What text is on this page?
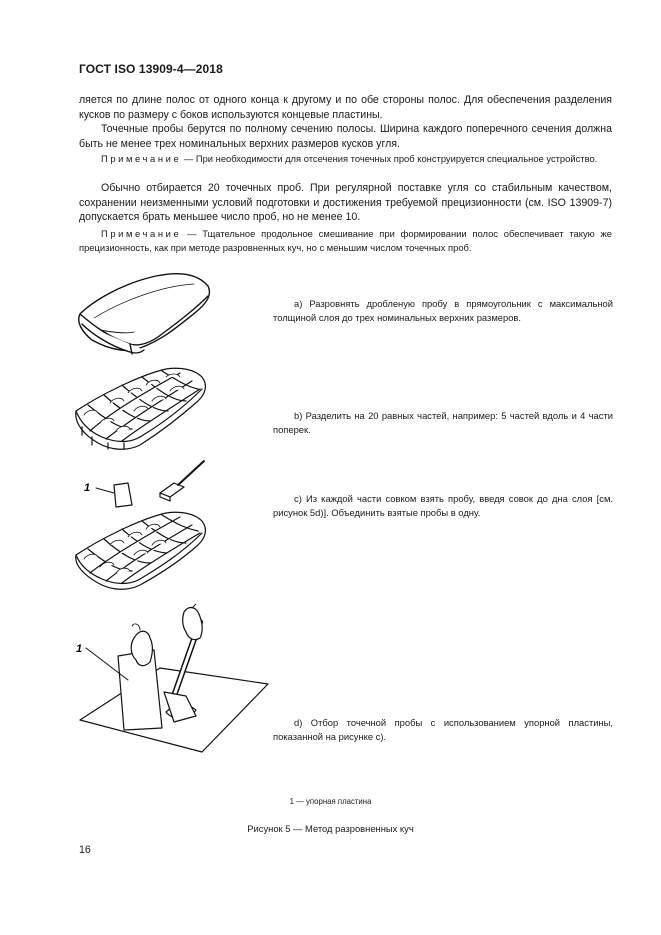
ГОСТ ISO 13909-4—2018

ляется по длине полос от одного конца к другому и по обе стороны полос. Для обеспечения разделения кусков по размеру с боков используются концевые пластины.

Точечные пробы берутся по полному сечению полосы. Ширина каждого поперечного сечения должна быть не менее трех номинальных верхних размеров кусков угля.

Примечание — При необходимости для отсечения точечных проб конструируется специальное устройство.

Обычно отбирается 20 точечных проб. При регулярной поставке угля со стабильным качеством, сохранении неизменными условий подготовки и достижения требуемой прецизионности (см. ISO 13909-7) допускается брать меньшее число проб, но не менее 10.

Примечание — Тщательное продольное смешивание при формировании полос обеспечивает такую же прецизионность, как при методе разровненных куч, но с меньшим числом точечных проб.

а) Разровнять дробленую пробу в прямоугольник с максимальной толщиной слоя до трех номинальных верхних размеров.

b) Разделить на 20 равных частей, например: 5 частей вдоль и 4 части поперек.

1

с) Из каждой части совком взять пробу, введя совок до дна слоя [см. рисунок 5d)]. Объединить взятые пробы в одну.

1

d) Отбор точечной пробы с использованием упорной пластины, показанной на рисунке с).

1 — упорная пластина
Рисунок 5 — Метод разровненных куч
16
